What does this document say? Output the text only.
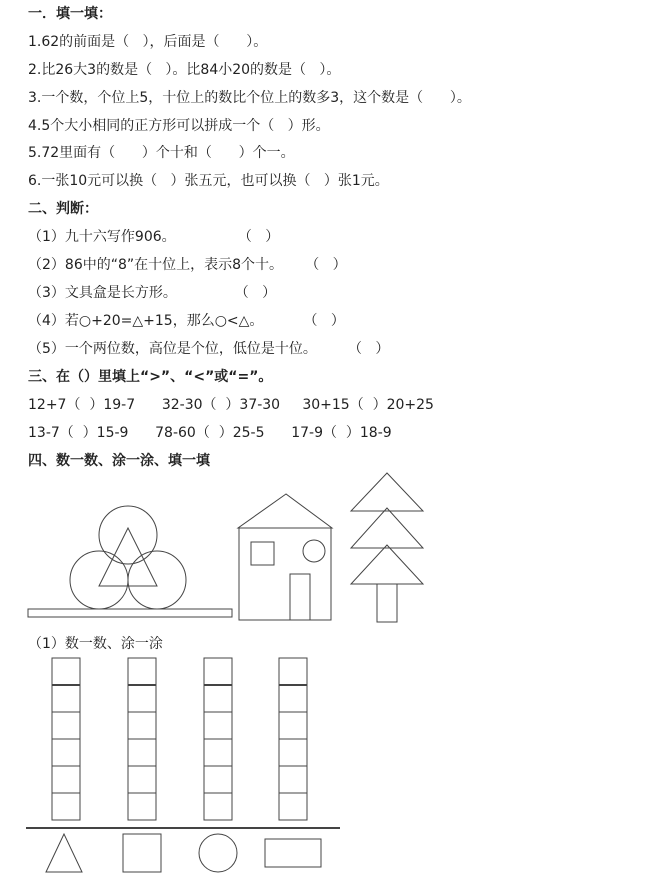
一．填一填：
1.62的前面是（   ），后面是（      ）。
2.比26大3的数是（   ）。比84小20的数是（   ）。
3.一个数，个位上5，十位上的数比个位上的数多3，这个数是（      ）。
4.5个大小相同的正方形可以拼成一个（   ）形。
5.72里面有（      ）个十和（      ）个一。
6.一张10元可以换（   ）张五元，也可以换（   ）张1元。
二、判断：
（1）九十六写作906。              （   ）
（2）86中的“8”在十位上，表示8个十。     （   ）
（3）文具盒是长方形。             （   ）
（4）若○+20=△+15，那么○<△。         （   ）
（5）一个两位数，高位是个位，低位是十位。       （   ）
三、在（）里填上“>”、“<”或“=”。
12+7（  ）19-7      32-30（  ）37-30     30+15（  ）20+25
13-7（  ）15-9      78-60（  ）25-5      17-9（  ）18-9
四、数一数、涂一涂、填一填
（1）数一数、涂一涂
